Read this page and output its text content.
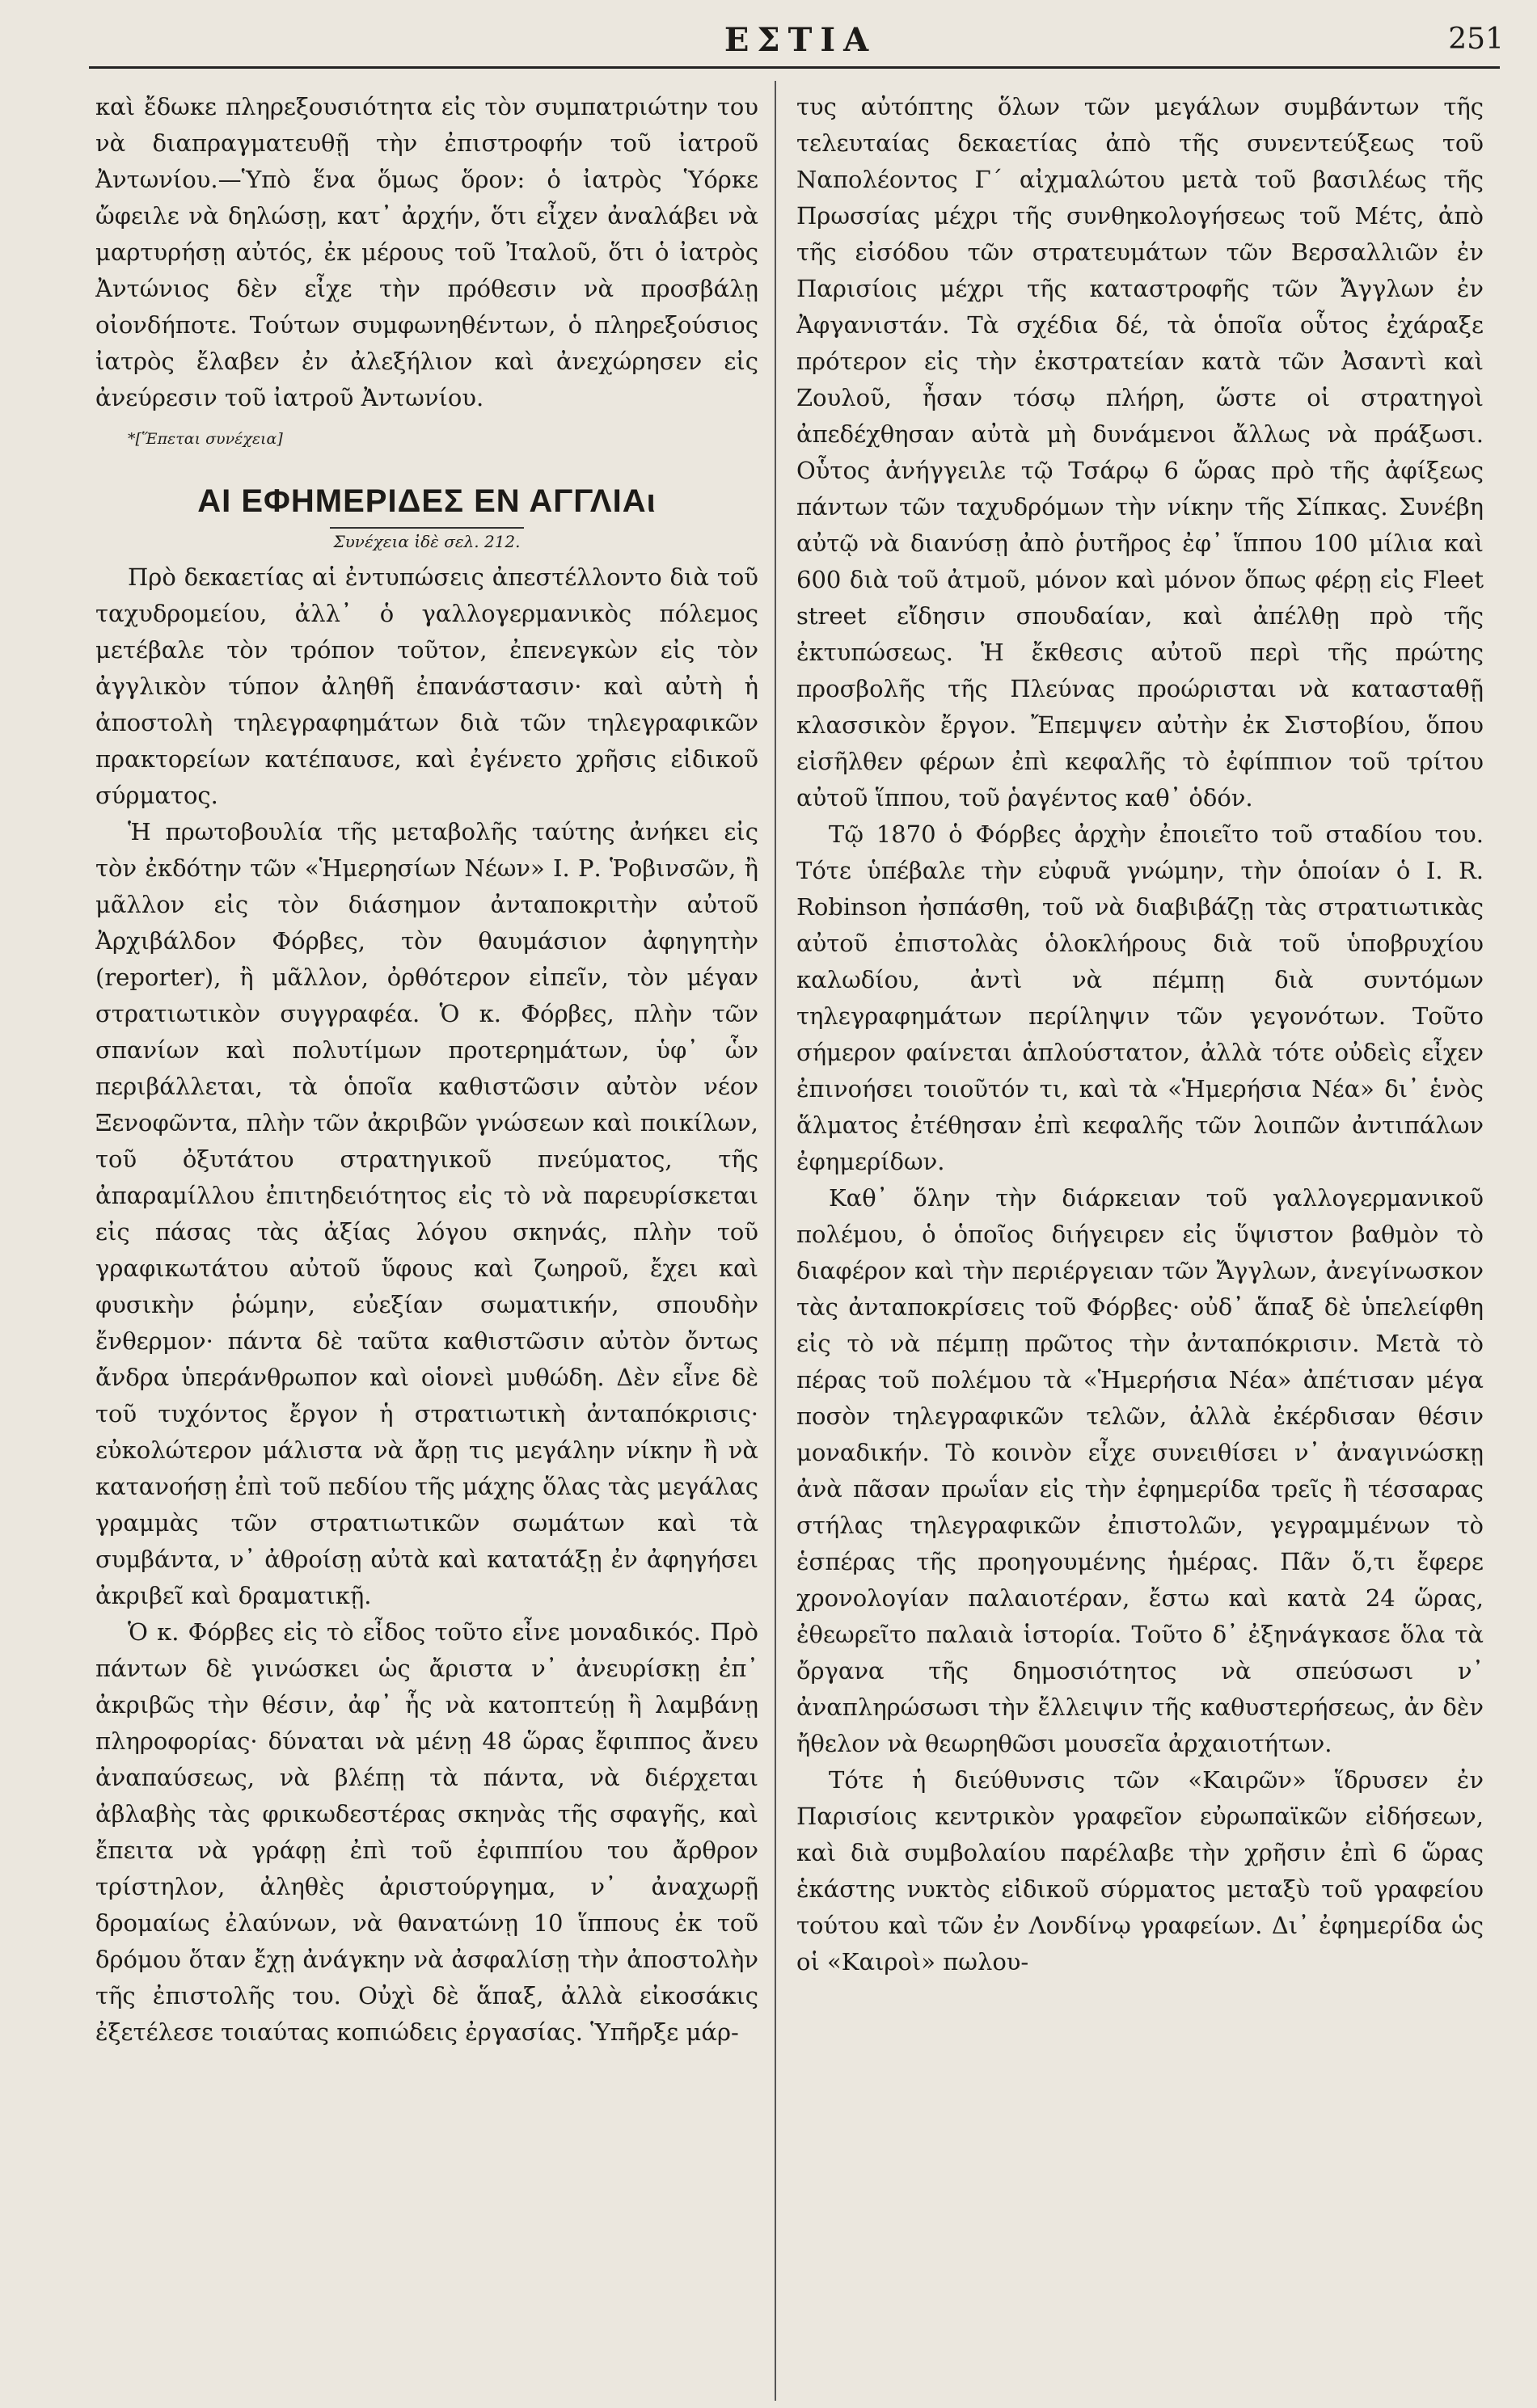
ΕΣΤΙΑ	251

καὶ ἔδωκε πληρεξουσιότητα εἰς τὸν συμπατριώτην του νὰ διαπραγματευθῇ τὴν ἐπιστροφήν τοῦ ἰατροῦ Ἀντωνίου.—Ὑπὸ ἕνα ὅμως ὅρον: ὁ ἰατρὸς Ὑόρκε ὤφειλε νὰ δηλώσῃ, κατ᾽ ἀρχήν, ὅτι εἶχεν ἀναλάβει νὰ μαρτυρήσῃ αὐτός, ἐκ μέρους τοῦ Ἰταλοῦ, ὅτι ὁ ἰατρὸς Ἀντώνιος δὲν εἶχε τὴν πρόθεσιν νὰ προσβάλῃ οἰονδήποτε. Τούτων συμφωνηθέντων, ὁ πληρεξούσιος ἰατρὸς ἔλαβεν ἐν ἀλεξήλιον καὶ ἀνεχώρησεν εἰς ἀνεύρεσιν τοῦ ἰατροῦ Ἀντωνίου.

*[Ἕπεται συνέχεια]
ΑΙ ΕΦΗΜΕΡΙΔΕΣ ΕΝ ΑΓΓΛΙΑι
Συνέχεια ἰδὲ σελ. 212.

Πρὸ δεκαετίας αἱ ἐντυπώσεις ἀπεστέλλοντο διὰ τοῦ ταχυδρομείου, ἀλλ᾽ ὁ γαλλογερμανικὸς πόλεμος μετέβαλε τὸν τρόπον τοῦτον, ἐπενεγκὼν εἰς τὸν ἀγγλικὸν τύπον ἀληθῆ ἐπανάστασιν· καὶ αὐτὴ ἡ ἀποστολὴ τηλεγραφημάτων διὰ τῶν τηλεγραφικῶν πρακτορείων κατέπαυσε, καὶ ἐγένετο χρῆσις εἰδικοῦ σύρματος.

Ἡ πρωτοβουλία τῆς μεταβολῆς ταύτης ἀνήκει εἰς τὸν ἐκδότην τῶν «Ἡμερησίων Νέων» Ι. Ρ. Ῥοβινσῶν, ἢ μᾶλλον εἰς τὸν διάσημον ἀνταποκριτὴν αὐτοῦ Ἀρχιβάλδον Φόρβες, τὸν θαυμάσιον ἀφηγητὴν (reporter), ἢ μᾶλλον, ὀρθότερον εἰπεῖν, τὸν μέγαν στρατιωτικὸν συγγραφέα. Ὁ κ. Φόρβες, πλὴν τῶν σπανίων καὶ πολυτίμων προτερημάτων, ὑφ᾽ ὧν περιβάλλεται, τὰ ὁποῖα καθιστῶσιν αὐτὸν νέον Ξενοφῶντα, πλὴν τῶν ἀκριβῶν γνώσεων καὶ ποικίλων, τοῦ ὀξυτάτου στρατηγικοῦ πνεύματος, τῆς ἀπαραμίλλου ἐπιτηδειότητος εἰς τὸ νὰ παρευρίσκεται εἰς πάσας τὰς ἀξίας λόγου σκηνάς, πλὴν τοῦ γραφικωτάτου αὐτοῦ ὕφους καὶ ζωηροῦ, ἔχει καὶ φυσικὴν ῥώμην, εὐεξίαν σωματικήν, σπουδὴν ἔνθερμον· πάντα δὲ ταῦτα καθιστῶσιν αὐτὸν ὄντως ἄνδρα ὑπεράνθρωπον καὶ οἱονεὶ μυθώδη. Δὲν εἶνε δὲ τοῦ τυχόντος ἔργον ἡ στρατιωτικὴ ἀνταπόκρισις· εὐκολώτερον μάλιστα νὰ ἄρῃ τις μεγάλην νίκην ἢ νὰ κατανοήσῃ ἐπὶ τοῦ πεδίου τῆς μάχης ὅλας τὰς μεγάλας γραμμὰς τῶν στρατιωτικῶν σωμάτων καὶ τὰ συμβάντα, ν᾽ ἀθροίσῃ αὐτὰ καὶ κατατάξῃ ἐν ἀφηγήσει ἀκριβεῖ καὶ δραματικῇ.

Ὁ κ. Φόρβες εἰς τὸ εἶδος τοῦτο εἶνε μοναδικός. Πρὸ πάντων δὲ γινώσκει ὡς ἄριστα ν᾽ ἀνευρίσκῃ ἐπ᾽ ἀκριβῶς τὴν θέσιν, ἀφ᾽ ἧς νὰ κατοπτεύῃ ἢ λαμβάνῃ πληροφορίας· δύναται νὰ μένῃ 48 ὥρας ἔφιππος ἄνευ ἀναπαύσεως, νὰ βλέπῃ τὰ πάντα, νὰ διέρχεται ἀβλαβὴς τὰς φρικωδεστέρας σκηνὰς τῆς σφαγῆς, καὶ ἔπειτα νὰ γράφῃ ἐπὶ τοῦ ἐφιππίου του ἄρθρον τρίστηλον, ἀληθὲς ἀριστούργημα, ν᾽ ἀναχωρῇ δρομαίως ἐλαύνων, νὰ θανατώνῃ 10 ἵππους ἐκ τοῦ δρόμου ὅταν ἔχῃ ἀνάγκην νὰ ἀσφαλίσῃ τὴν ἀποστολὴν τῆς ἐπιστολῆς του. Οὐχὶ δὲ ἅπαξ, ἀλλὰ εἰκοσάκις ἐξετέλεσε τοιαύτας κοπιώδεις ἐργασίας. Ὑπῆρξε μάρ-

τυς αὐτόπτης ὅλων τῶν μεγάλων συμβάντων τῆς τελευταίας δεκαετίας ἀπὸ τῆς συνεντεύξεως τοῦ Ναπολέοντος Γ´ αἰχμαλώτου μετὰ τοῦ βασιλέως τῆς Πρωσσίας μέχρι τῆς συνθηκολογήσεως τοῦ Μέτς, ἀπὸ τῆς εἰσόδου τῶν στρατευμάτων τῶν Βερσαλλιῶν ἐν Παρισίοις μέχρι τῆς καταστροφῆς τῶν Ἄγγλων ἐν Ἀφγανιστάν. Τὰ σχέδια δέ, τὰ ὁποῖα οὗτος ἐχάραξε πρότερον εἰς τὴν ἐκστρατείαν κατὰ τῶν Ἀσαντὶ καὶ Ζουλοῦ, ἦσαν τόσῳ πλήρη, ὥστε οἱ στρατηγοὶ ἀπεδέχθησαν αὐτὰ μὴ δυνάμενοι ἄλλως νὰ πράξωσι. Οὗτος ἀνήγγειλε τῷ Τσάρῳ 6 ὥρας πρὸ τῆς ἀφίξεως πάντων τῶν ταχυδρόμων τὴν νίκην τῆς Σίπκας. Συνέβη αὐτῷ νὰ διανύσῃ ἀπὸ ῥυτῆρος ἐφ᾽ ἵππου 100 μίλια καὶ 600 διὰ τοῦ ἀτμοῦ, μόνον καὶ μόνον ὅπως φέρῃ εἰς Fleet street εἴδησιν σπουδαίαν, καὶ ἀπέλθῃ πρὸ τῆς ἐκτυπώσεως. Ἡ ἔκθεσις αὐτοῦ περὶ τῆς πρώτης προσβολῆς τῆς Πλεύνας προώρισται νὰ κατασταθῇ κλασσικὸν ἔργον. Ἔπεμψεν αὐτὴν ἐκ Σιστοβίου, ὅπου εἰσῆλθεν φέρων ἐπὶ κεφαλῆς τὸ ἐφίππιον τοῦ τρίτου αὐτοῦ ἵππου, τοῦ ῥαγέντος καθ᾽ ὁδόν.

Τῷ 1870 ὁ Φόρβες ἀρχὴν ἐποιεῖτο τοῦ σταδίου του. Τότε ὑπέβαλε τὴν εὐφυᾶ γνώμην, τὴν ὁποίαν ὁ I. R. Robinson ἠσπάσθη, τοῦ νὰ διαβιβάζῃ τὰς στρατιωτικὰς αὐτοῦ ἐπιστολὰς ὁλοκλήρους διὰ τοῦ ὑποβρυχίου καλωδίου, ἀντὶ νὰ πέμπῃ διὰ συντόμων τηλεγραφημάτων περίληψιν τῶν γεγονότων. Τοῦτο σήμερον φαίνεται ἁπλούστατον, ἀλλὰ τότε οὐδεὶς εἶχεν ἐπινοήσει τοιοῦτόν τι, καὶ τὰ «Ἡμερήσια Νέα» δι᾽ ἑνὸς ἅλματος ἐτέθησαν ἐπὶ κεφαλῆς τῶν λοιπῶν ἀντιπάλων ἐφημερίδων.

Καθ᾽ ὅλην τὴν διάρκειαν τοῦ γαλλογερμανικοῦ πολέμου, ὁ ὁποῖος διήγειρεν εἰς ὕψιστον βαθμὸν τὸ διαφέρον καὶ τὴν περιέργειαν τῶν Ἄγγλων, ἀνεγίνωσκον τὰς ἀνταποκρίσεις τοῦ Φόρβες· οὐδ᾽ ἅπαξ δὲ ὑπελείφθη εἰς τὸ νὰ πέμπῃ πρῶτος τὴν ἀνταπόκρισιν. Μετὰ τὸ πέρας τοῦ πολέμου τὰ «Ἡμερήσια Νέα» ἀπέτισαν μέγα ποσὸν τηλεγραφικῶν τελῶν, ἀλλὰ ἐκέρδισαν θέσιν μοναδικήν. Τὸ κοινὸν εἶχε συνειθίσει ν᾽ ἀναγινώσκῃ ἀνὰ πᾶσαν πρωΐαν εἰς τὴν ἐφημερίδα τρεῖς ἢ τέσσαρας στήλας τηλεγραφικῶν ἐπιστολῶν, γεγραμμένων τὸ ἑσπέρας τῆς προηγουμένης ἡμέρας. Πᾶν ὅ,τι ἔφερε χρονολογίαν παλαιοτέραν, ἔστω καὶ κατὰ 24 ὥρας, ἐθεωρεῖτο παλαιὰ ἱστορία. Τοῦτο δ᾽ ἐξηνάγκασε ὅλα τὰ ὄργανα τῆς δημοσιότητος νὰ σπεύσωσι ν᾽ ἀναπληρώσωσι τὴν ἔλλειψιν τῆς καθυστερήσεως, ἀν δὲν ἤθελον νὰ θεωρηθῶσι μουσεῖα ἀρχαιοτήτων.

Τότε ἡ διεύθυνσις τῶν «Καιρῶν» ἵδρυσεν ἐν Παρισίοις κεντρικὸν γραφεῖον εὐρωπαϊκῶν εἰδήσεων, καὶ διὰ συμβολαίου παρέλαβε τὴν χρῆσιν ἐπὶ 6 ὥρας ἑκάστης νυκτὸς εἰδικοῦ σύρματος μεταξὺ τοῦ γραφείου τούτου καὶ τῶν ἐν Λονδίνῳ γραφείων. Δι᾽ ἐφημερίδα ὡς οἱ «Καιροὶ» πωλου-
